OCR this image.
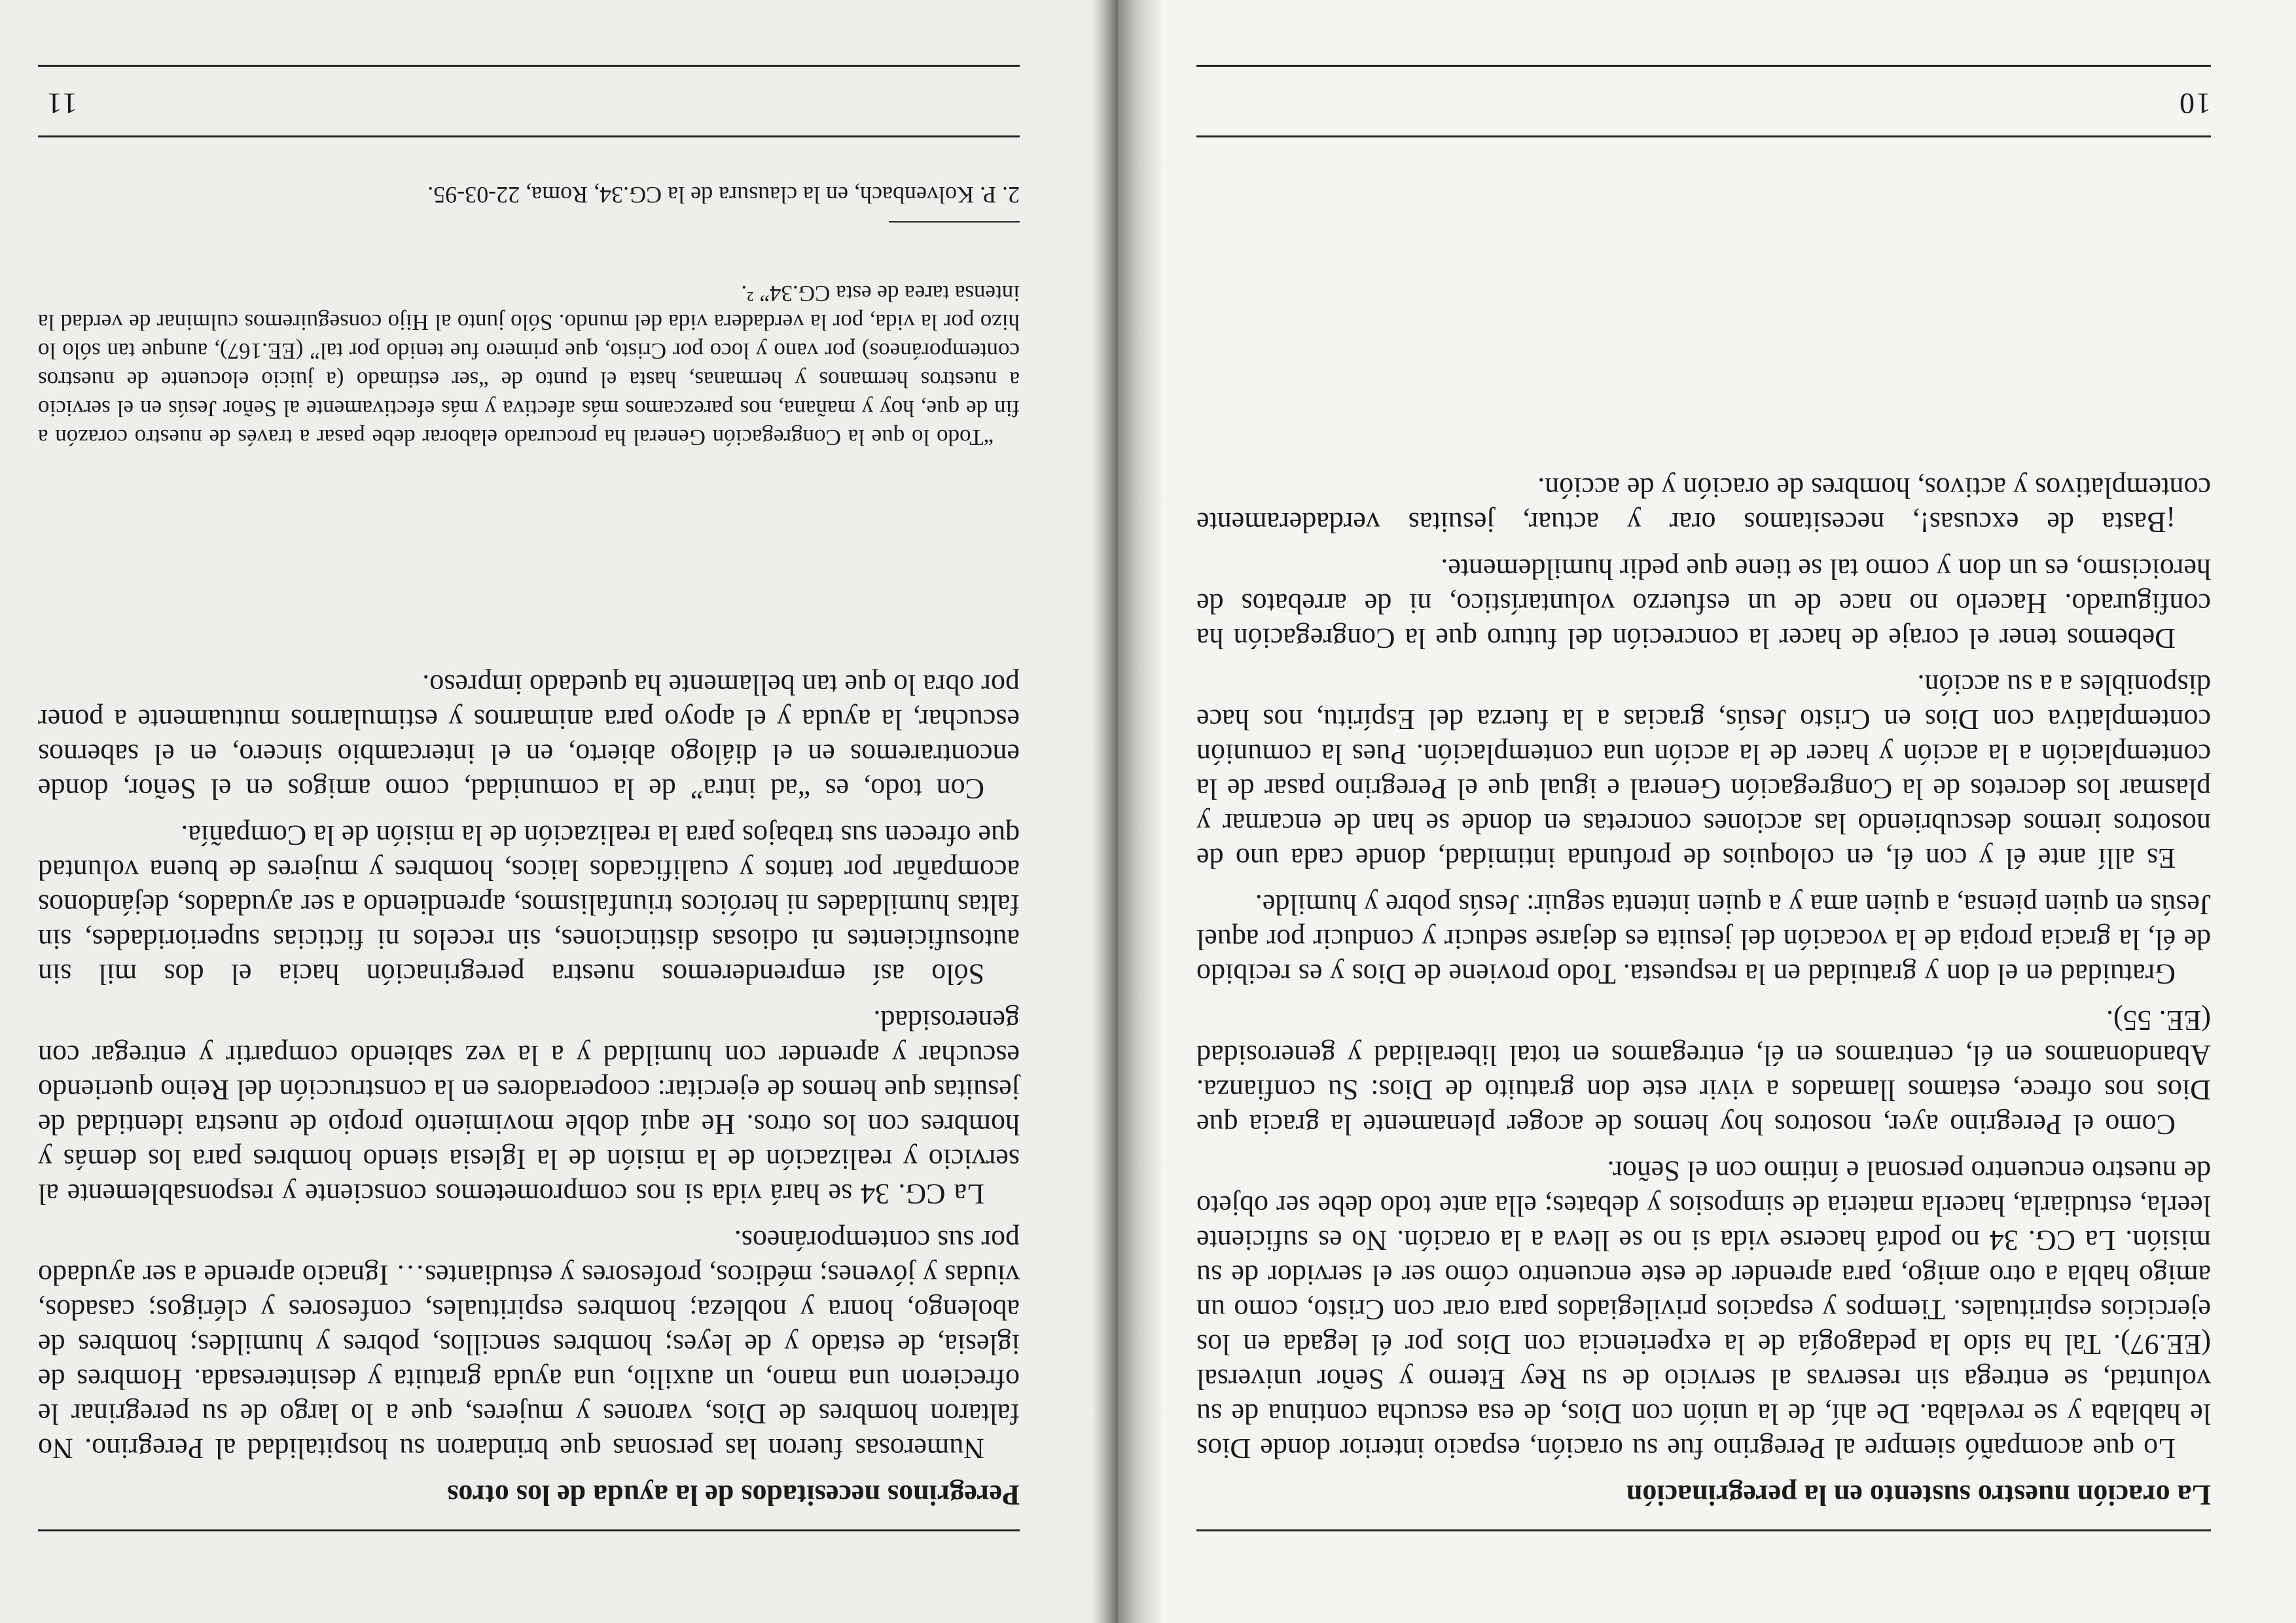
La oración nuestro sustento en la peregrinación

Lo que acompañó siempre al Peregrino fue su oración, espacio interior donde Dios le hablaba y se revelaba. De ahí, de la unión con Dios, de esa escucha continua de su voluntad, se entrega sin reservas al servicio de su Rey Eterno y Señor universal (EE.97). Tal ha sido la pedagogía de la experiencia con Dios por él legada en los ejercicios espirituales. Tiempos y espacios privilegiados para orar con Cristo, como un amigo habla a otro amigo, para aprender de este encuentro cómo ser el servidor de su misión. La CG. 34 no podrá hacerse vida si no se lleva a la oración. No es suficiente leerla, estudiarla, hacerla materia de simposios y debates; ella ante todo debe ser objeto de nuestro encuentro personal e íntimo con el Señor.

Como el Peregrino ayer, nosotros hoy hemos de acoger plenamente la gracia que Dios nos ofrece, estamos llamados a vivir este don gratuito de Dios: Su confianza. Abandonamos en él, centramos en él, entregamos en total liberalidad y generosidad (EE. 55).

Gratuidad en el don y gratuidad en la respuesta. Todo proviene de Dios y es recibido de él, la gracia propia de la vocación del jesuita es dejarse seducir y conducir por aquel Jesús en quien piensa, a quien ama y a quien intenta seguir: Jesús pobre y humilde.

Es allí ante él y con él, en coloquios de profunda intimidad, donde cada uno de nosotros iremos descubriendo las acciones concretas en donde se han de encarnar y plasmar los decretos de la Congregación General e igual que el Peregrino pasar de la contemplación a la acción y hacer de la acción una contemplación. Pues la comunión contemplativa con Dios en Cristo Jesús, gracias a la fuerza del Espíritu, nos hace disponibles a a su acción.

Debemos tener el coraje de hacer la concreción del futuro que la Congregación ha configurado. Hacerlo no nace de un esfuerzo voluntarístico, ni de arrebatos de heroicismo, es un don y como tal se tiene que pedir humildemente.

¡Basta de excusas!, necesitamos orar y actuar, jesuitas verdaderamente contemplativos y activos, hombres de oración y de acción.

10
Peregrinos necesitados de la ayuda de los otros

Numerosas fueron las personas que brindaron su hospitalidad al Peregrino. No faltaron hombres de Dios, varones y mujeres, que a lo largo de su peregrinar le ofrecieron una mano, un auxilio, una ayuda gratuita y desinteresada. Hombres de iglesia, de estado y de leyes; hombres sencillos, pobres y humildes; hombres de abolengo, honra y nobleza; hombres espirituales, confesores y clérigos; casados, viudas y jóvenes; médicos, profesores y estudiantes… Ignacio aprende a ser ayudado por sus contemporáneos.

La CG. 34 se hará vida si nos comprometemos consciente y responsablemente al servicio y realización de la misión de la Iglesia siendo hombres para los demás y hombres con los otros. He aquí doble movimiento propio de nuestra identidad de jesuitas que hemos de ejercitar: cooperadores en la construcción del Reino queriendo escuchar y aprender con humildad y a la vez sabiendo compartir y entregar con generosidad.

Sólo así emprenderemos nuestra peregrinación hacia el dos mil sin autosuficientes ni odiosas distinciones, sin recelos ni ficticias superioridades, sin faltas humildades ni heróicos triunfalismos, aprendiendo a ser ayudados, dejándonos acompañar por tantos y cualificados laicos, hombres y mujeres de buena voluntad que ofrecen sus trabajos para la realización de la misión de la Compañía.

Con todo, es “ad intra” de la comunidad, como amigos en el Señor, donde encontraremos en el diálogo abierto, en el intercambio sincero, en el sabernos escuchar, la ayuda y el apoyo para animarnos y estimularnos mutuamente a poner por obra lo que tan bellamente ha quedado impreso.

“Todo lo que la Congregación General ha procurado elaborar debe pasar a través de nuestro corazón a fin de que, hoy y mañana, nos parezcamos más afectiva y más efectivamente al Señor Jesús en el servicio a nuestros hermanos y hermanas, hasta el punto de “ser estimado (a juicio elocuente de nuestros contemporáneos) por vano y loco por Cristo, que primero fue tenido por tal” (EE.167), aunque tan sólo lo hizo por la vida, por la verdadera vida del mundo. Sólo junto al Hijo conseguiremos culminar de verdad la intensa tarea de esta CG.34” ².

2. P. Kolvenbach, en la clausura de la CG.34, Roma, 22-03-95.
11
